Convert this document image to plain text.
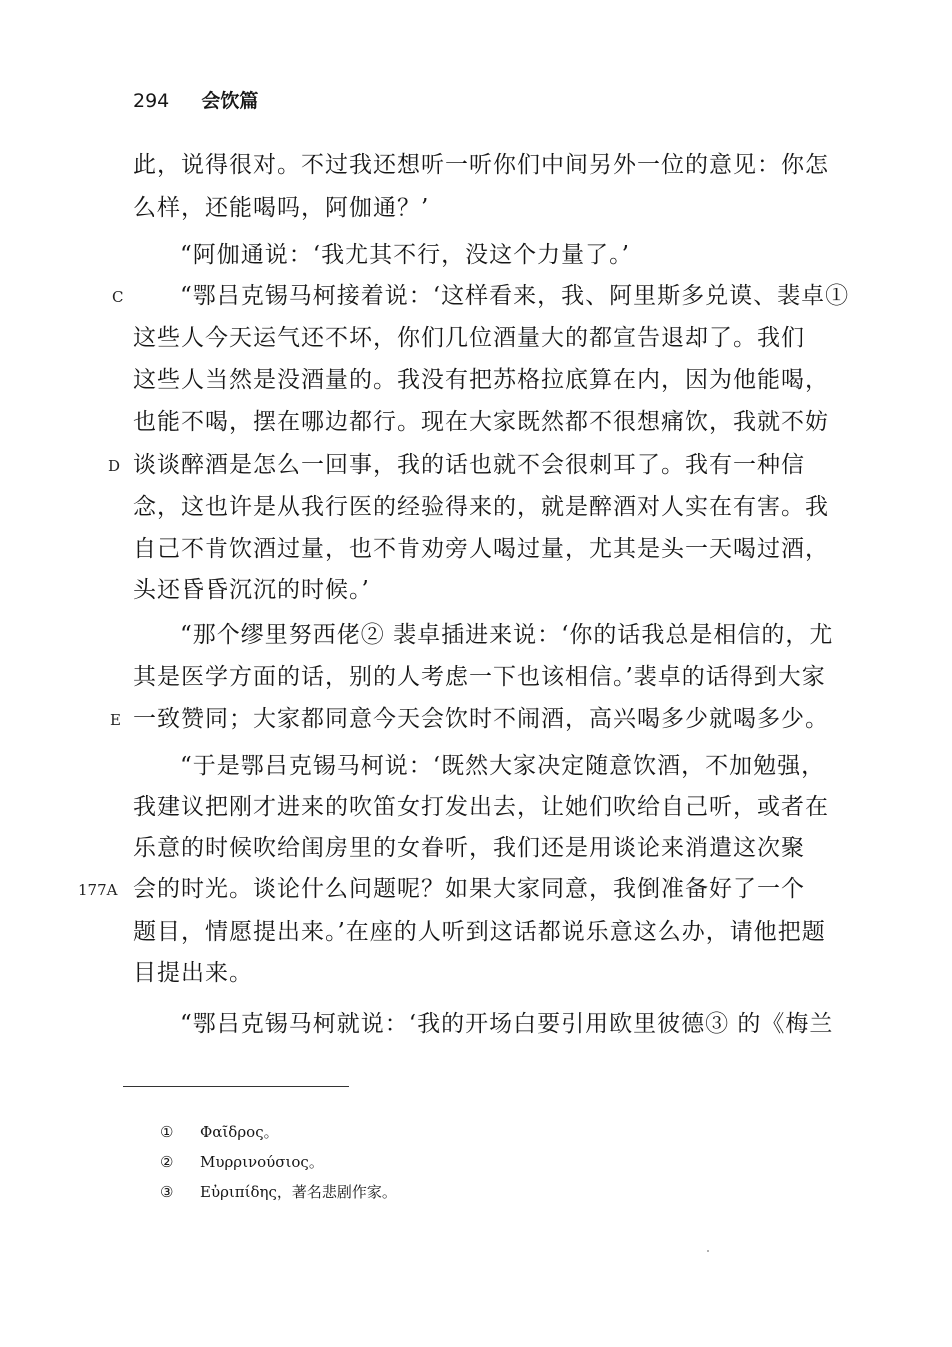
294 会饮篇
此，说得很对。不过我还想听一听你们中间另外一位的意见：你怎
么样，还能喝吗，阿伽通？’
“阿伽通说：‘我尤其不行，没这个力量了。’
“鄂吕克锡马柯接着说：‘这样看来，我、阿里斯多兑谟、裴卓①
这些人今天运气还不坏，你们几位酒量大的都宣告退却了。我们
这些人当然是没酒量的。我没有把苏格拉底算在内，因为他能喝，
也能不喝，摆在哪边都行。现在大家既然都不很想痛饮，我就不妨
谈谈醉酒是怎么一回事，我的话也就不会很刺耳了。我有一种信
念，这也许是从我行医的经验得来的，就是醉酒对人实在有害。我
自己不肯饮酒过量，也不肯劝旁人喝过量，尤其是头一天喝过酒，
头还昏昏沉沉的时候。’
“那个缪里努西佬② 裴卓插进来说：‘你的话我总是相信的，尤
其是医学方面的话，别的人考虑一下也该相信。’裴卓的话得到大家
一致赞同；大家都同意今天会饮时不闹酒，高兴喝多少就喝多少。
“于是鄂吕克锡马柯说：‘既然大家决定随意饮酒，不加勉强，
我建议把刚才进来的吹笛女打发出去，让她们吹给自己听，或者在
乐意的时候吹给闺房里的女眷听，我们还是用谈论来消遣这次聚
会的时光。谈论什么问题呢？如果大家同意，我倒准备好了一个
题目，情愿提出来。’在座的人听到这话都说乐意这么办，请他把题
目提出来。
“鄂吕克锡马柯就说：‘我的开场白要引用欧里彼德③ 的《梅兰
C
D
E
177A
① Φαῖδρος。
② Μυρρινούσιος。
③ Εὐριπίδης，著名悲剧作家。
